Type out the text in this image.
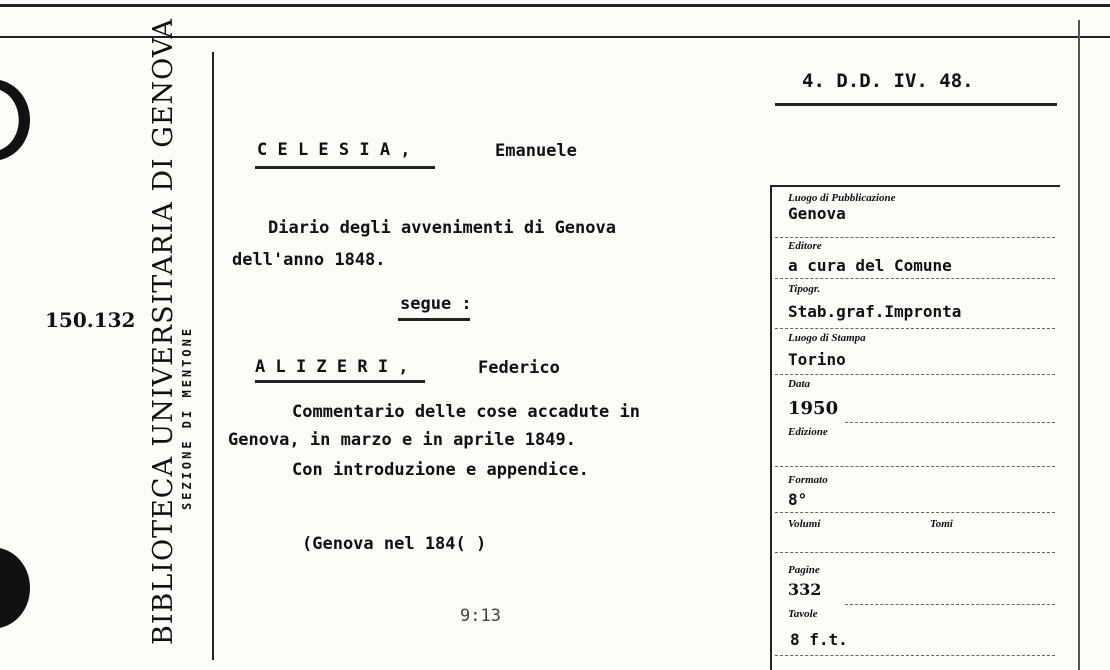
BIBLIOTECA UNIVERSITARIA DI GENOVA SEZIONE DI MENTONE
150.132
4. D.D. IV. 48.
C E L E S I A ,	Emanuele
Diario degli avvenimenti di Genova
dell'anno 1848.
segue :
A L I Z E R I ,	Federico
Commentario delle cose accadute in
Genova, in marzo e in aprile 1849.
Con introduzione e appendice.
(Genova nel 184( )
9:13
Luogo di Pubblicazione
Genova
Editore
a cura del Comune
Tipogr.
Stab.graf.Impronta
Luogo di Stampa
Torino
Data
1950
Edizione
Formato
8°
Volumi	Tomi
Pagine
332
Tavole
8 f.t.
